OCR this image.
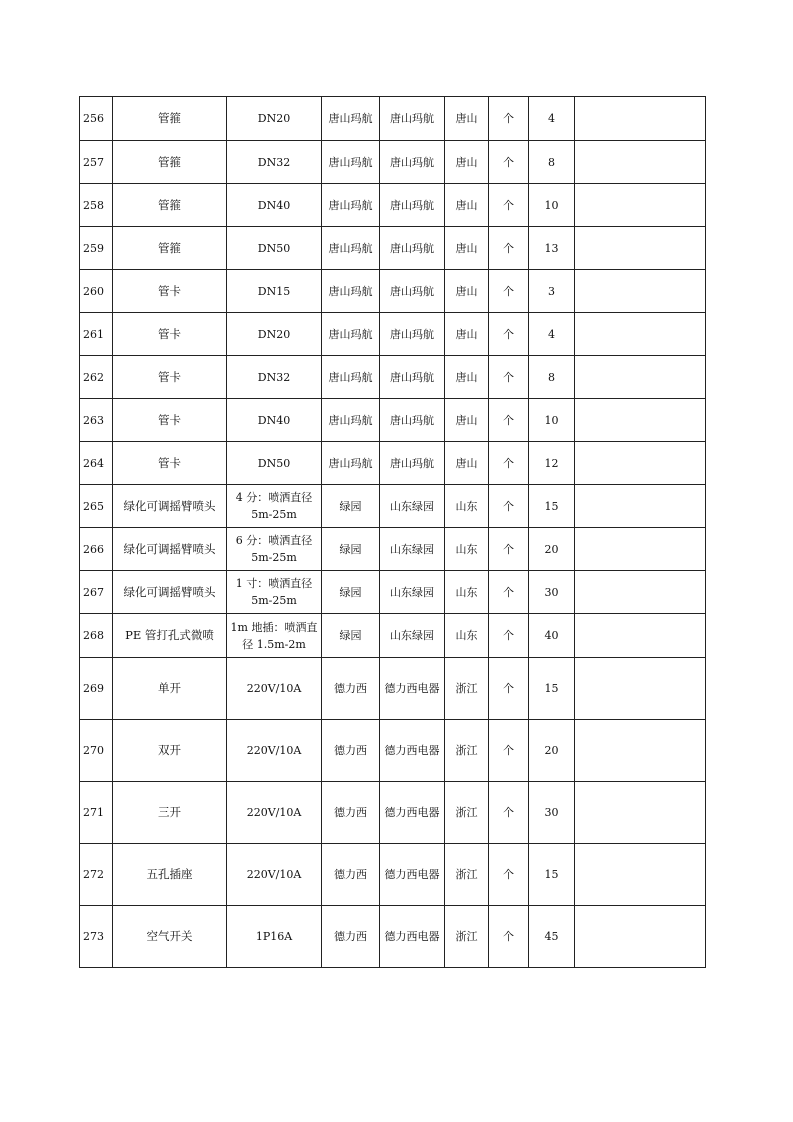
256	管箍	DN20	唐山玛航	唐山玛航	唐山	个	4	
257	管箍	DN32	唐山玛航	唐山玛航	唐山	个	8	
258	管箍	DN40	唐山玛航	唐山玛航	唐山	个	10	
259	管箍	DN50	唐山玛航	唐山玛航	唐山	个	13	
260	管卡	DN15	唐山玛航	唐山玛航	唐山	个	3	
261	管卡	DN20	唐山玛航	唐山玛航	唐山	个	4	
262	管卡	DN32	唐山玛航	唐山玛航	唐山	个	8	
263	管卡	DN40	唐山玛航	唐山玛航	唐山	个	10	
264	管卡	DN50	唐山玛航	唐山玛航	唐山	个	12	
265	绿化可调摇臂喷头	4 分：喷洒直径 5m-25m	绿园	山东绿园	山东	个	15	
266	绿化可调摇臂喷头	6 分：喷洒直径 5m-25m	绿园	山东绿园	山东	个	20	
267	绿化可调摇臂喷头	1 寸：喷洒直径 5m-25m	绿园	山东绿园	山东	个	30	
268	PE 管打孔式微喷	1m 地插：喷洒直径 1.5m-2m	绿园	山东绿园	山东	个	40	
269	单开	220V/10A	德力西	德力西电器	浙江	个	15	
270	双开	220V/10A	德力西	德力西电器	浙江	个	20	
271	三开	220V/10A	德力西	德力西电器	浙江	个	30	
272	五孔插座	220V/10A	德力西	德力西电器	浙江	个	15	
273	空气开关	1P16A	德力西	德力西电器	浙江	个	45	
